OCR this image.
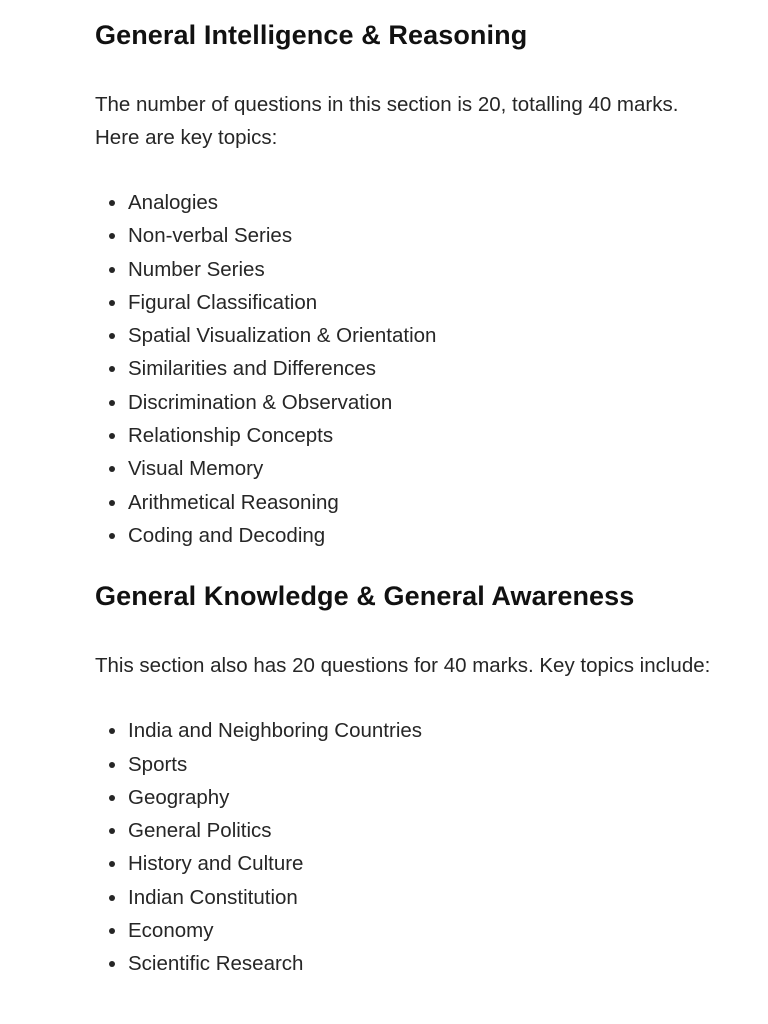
General Intelligence & Reasoning

The number of questions in this section is 20, totalling 40 marks. Here are key topics:

Analogies
Non-verbal Series
Number Series
Figural Classification
Spatial Visualization & Orientation
Similarities and Differences
Discrimination & Observation
Relationship Concepts
Visual Memory
Arithmetical Reasoning
Coding and Decoding
General Knowledge & General Awareness

This section also has 20 questions for 40 marks. Key topics include:

India and Neighboring Countries
Sports
Geography
General Politics
History and Culture
Indian Constitution
Economy
Scientific Research
